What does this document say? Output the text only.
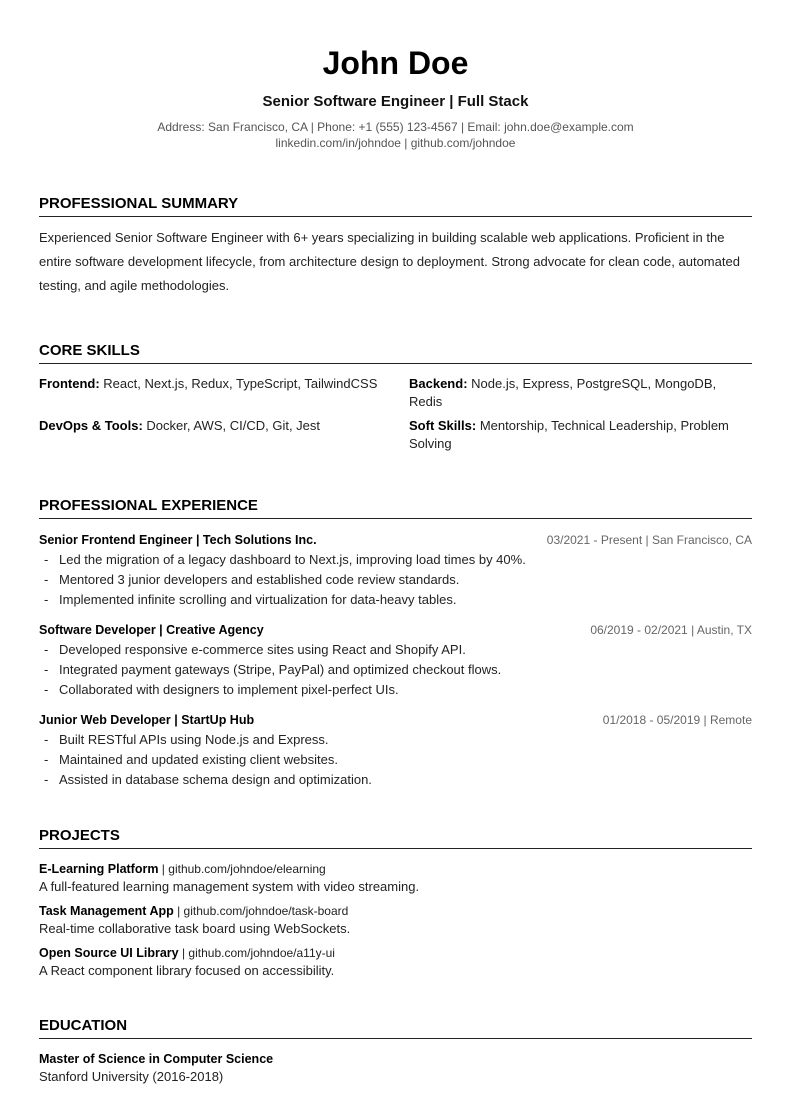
John Doe
Senior Software Engineer | Full Stack
Address: San Francisco, CA | Phone: +1 (555) 123-4567 | Email: john.doe@example.com
linkedin.com/in/johndoe | github.com/johndoe
PROFESSIONAL SUMMARY
Experienced Senior Software Engineer with 6+ years specializing in building scalable web applications. Proficient in the entire software development lifecycle, from architecture design to deployment. Strong advocate for clean code, automated testing, and agile methodologies.
CORE SKILLS
Frontend: React, Next.js, Redux, TypeScript, TailwindCSS	Backend: Node.js, Express, PostgreSQL, MongoDB, Redis
DevOps & Tools: Docker, AWS, CI/CD, Git, Jest	Soft Skills: Mentorship, Technical Leadership, Problem Solving
PROFESSIONAL EXPERIENCE
Senior Frontend Engineer | Tech Solutions Inc.	03/2021 - Present | San Francisco, CA
- Led the migration of a legacy dashboard to Next.js, improving load times by 40%.
- Mentored 3 junior developers and established code review standards.
- Implemented infinite scrolling and virtualization for data-heavy tables.
Software Developer | Creative Agency	06/2019 - 02/2021 | Austin, TX
- Developed responsive e-commerce sites using React and Shopify API.
- Integrated payment gateways (Stripe, PayPal) and optimized checkout flows.
- Collaborated with designers to implement pixel-perfect UIs.
Junior Web Developer | StartUp Hub	01/2018 - 05/2019 | Remote
- Built RESTful APIs using Node.js and Express.
- Maintained and updated existing client websites.
- Assisted in database schema design and optimization.
PROJECTS
E-Learning Platform | github.com/johndoe/elearning
A full-featured learning management system with video streaming.
Task Management App | github.com/johndoe/task-board
Real-time collaborative task board using WebSockets.
Open Source UI Library | github.com/johndoe/a11y-ui
A React component library focused on accessibility.
EDUCATION
Master of Science in Computer Science
Stanford University (2016-2018)
